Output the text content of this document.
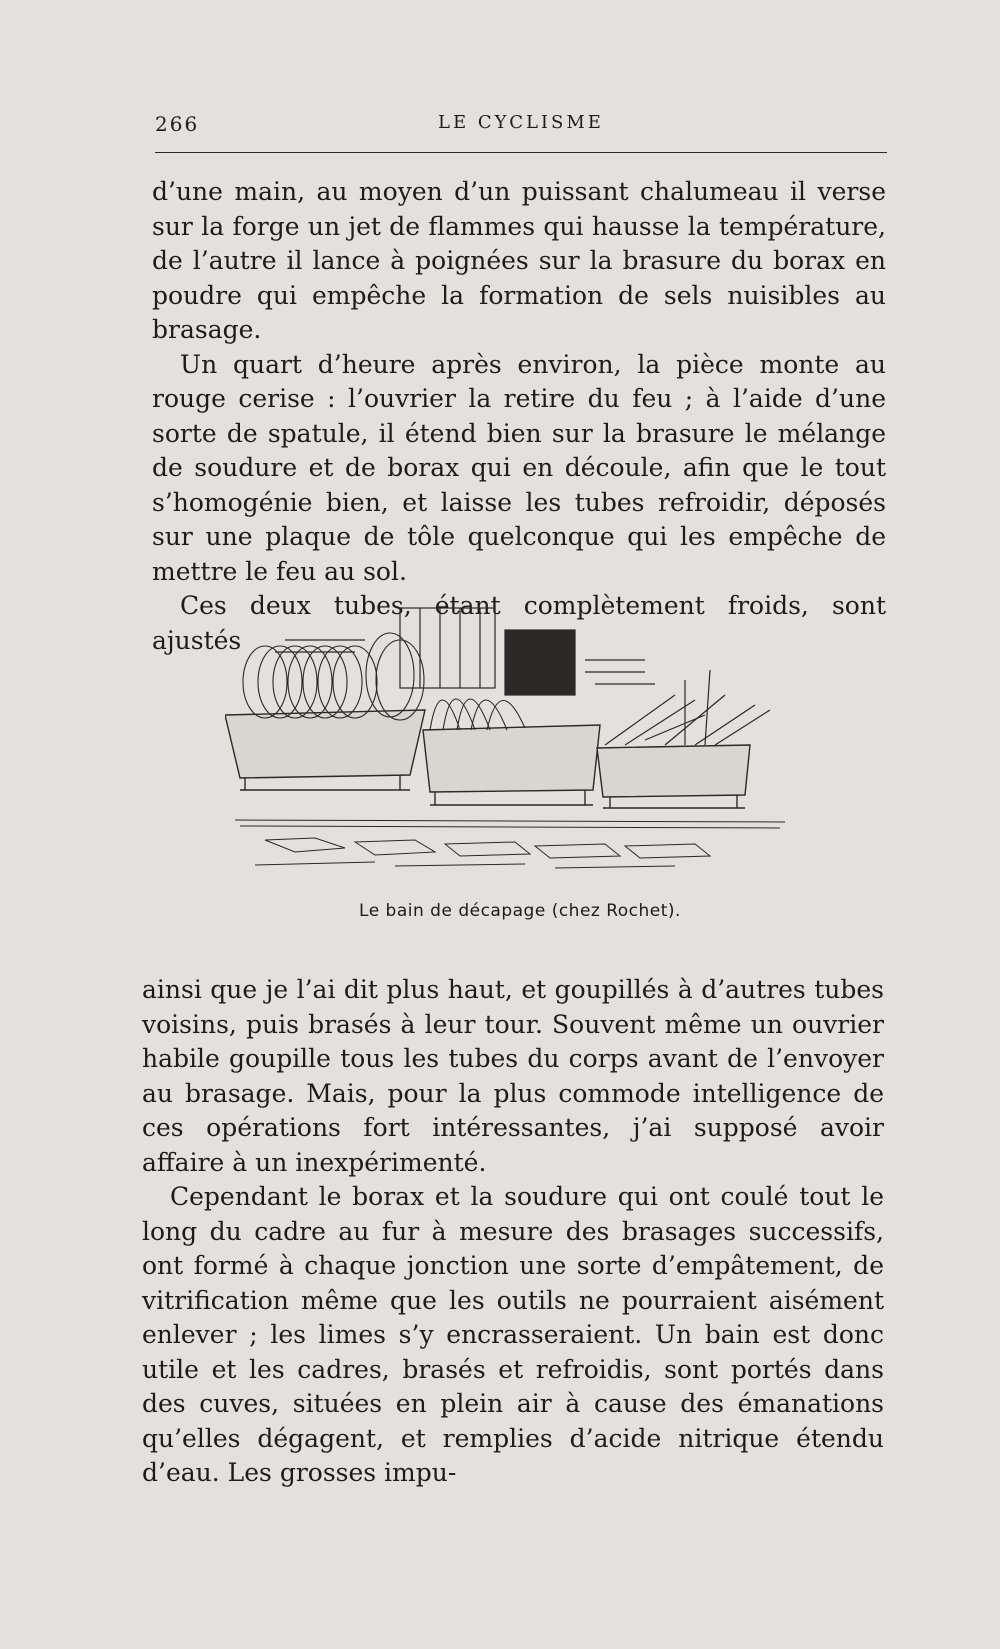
266	LE CYCLISME

d’une main, au moyen d’un puissant chalumeau il verse sur la forge un jet de flammes qui hausse la température, de l’autre il lance à poignées sur la brasure du borax en poudre qui empêche la formation de sels nuisibles au brasage.

Un quart d’heure après environ, la pièce monte au rouge cerise : l’ouvrier la retire du feu ; à l’aide d’une sorte de spatule, il étend bien sur la brasure le mélange de soudure et de borax qui en découle, afin que le tout s’homogénie bien, et laisse les tubes refroidir, déposés sur une plaque de tôle quelconque qui les empêche de mettre le feu au sol.

Ces deux tubes, étant complètement froids, sont ajustés

Le bain de décapage (chez Rochet).

ainsi que je l’ai dit plus haut, et goupillés à d’autres tubes voisins, puis brasés à leur tour. Souvent même un ouvrier habile goupille tous les tubes du corps avant de l’envoyer au brasage. Mais, pour la plus commode intelligence de ces opérations fort intéressantes, j’ai supposé avoir affaire à un inexpérimenté.

Cependant le borax et la soudure qui ont coulé tout le long du cadre au fur à mesure des brasages successifs, ont formé à chaque jonction une sorte d’empâtement, de vitrification même que les outils ne pourraient aisément enlever ; les limes s’y encrasseraient. Un bain est donc utile et les cadres, brasés et refroidis, sont portés dans des cuves, situées en plein air à cause des émanations qu’elles dégagent, et remplies d’acide nitrique étendu d’eau. Les grosses impu-
